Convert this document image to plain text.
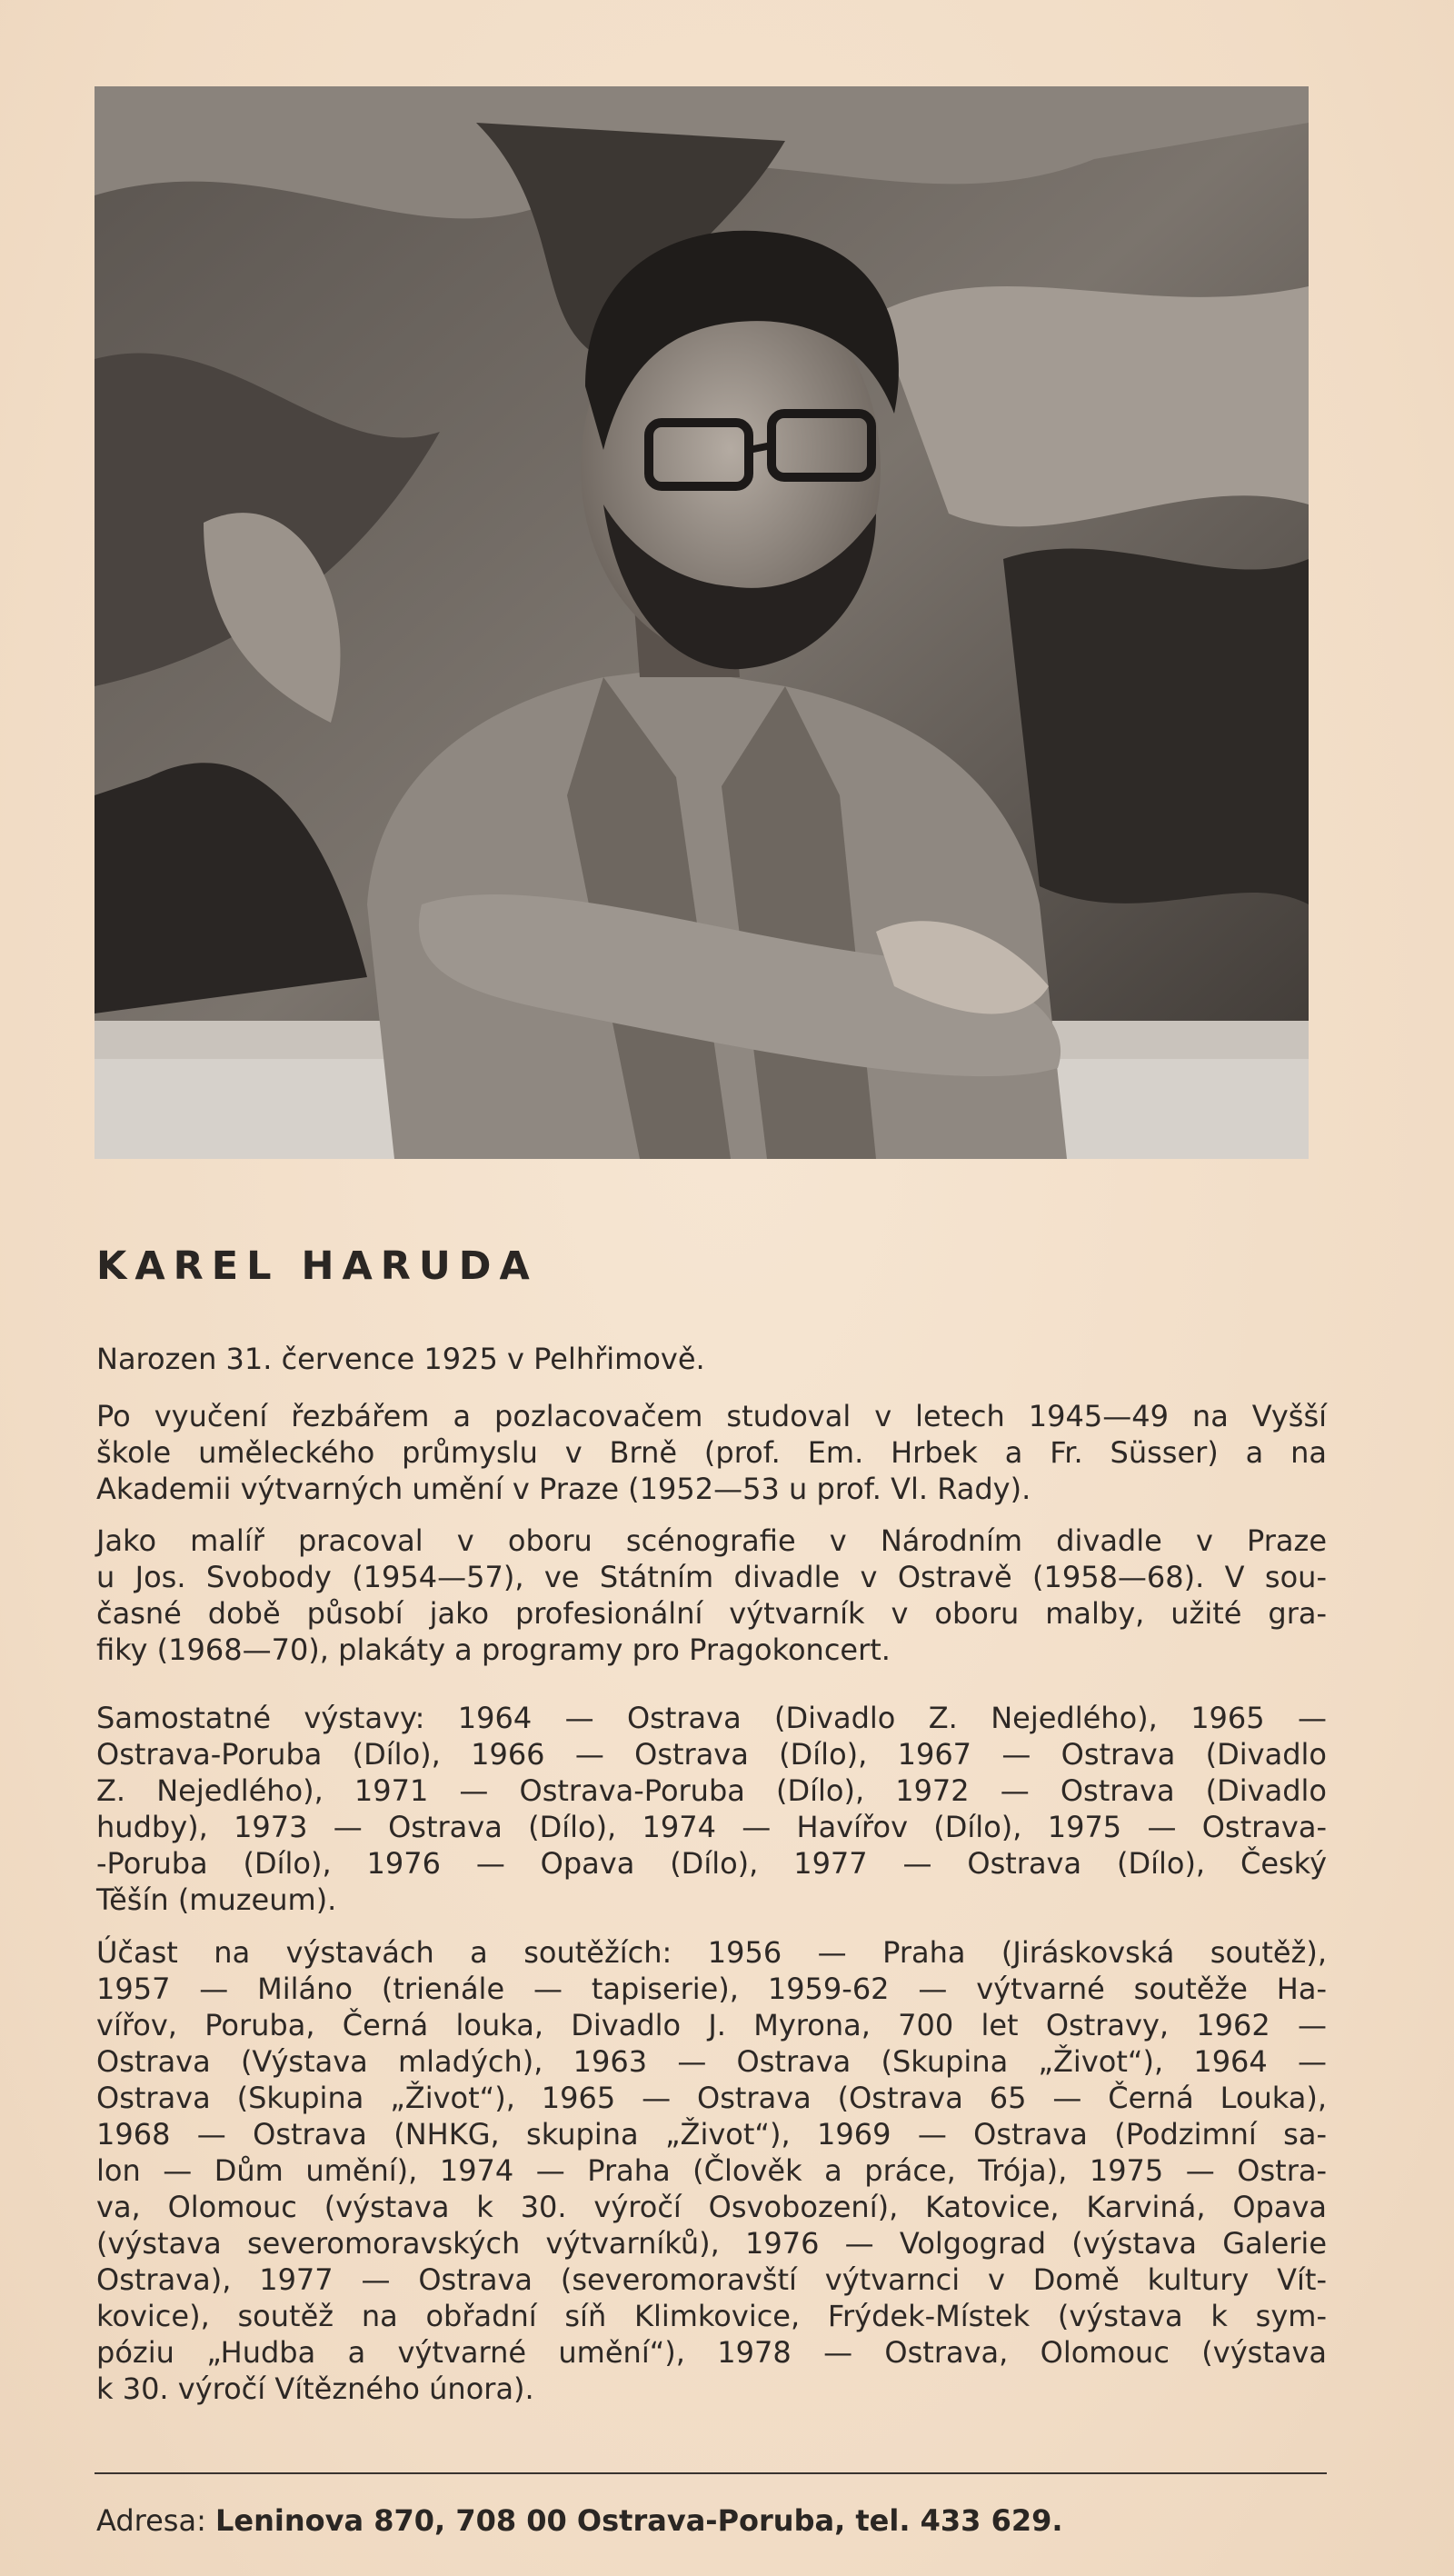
KAREL HARUDA
Narozen 31. července 1925 v Pelhřimově.
Po vyučení řezbářem a pozlacovačem studoval v letech 1945—49 na Vyšší
škole uměleckého průmyslu v Brně (prof. Em. Hrbek a Fr. Süsser) a na
Akademii výtvarných umění v Praze (1952—53 u prof. Vl. Rady).
Jako malíř pracoval v oboru scénografie v Národním divadle v Praze
u Jos. Svobody (1954—57), ve Státním divadle v Ostravě (1958—68). V sou-
časné době působí jako profesionální výtvarník v oboru malby, užité gra-
fiky (1968—70), plakáty a programy pro Pragokoncert.
Samostatné výstavy: 1964 — Ostrava (Divadlo Z. Nejedlého), 1965 —
Ostrava-Poruba (Dílo), 1966 — Ostrava (Dílo), 1967 — Ostrava (Divadlo
Z. Nejedlého), 1971 — Ostrava-Poruba (Dílo), 1972 — Ostrava (Divadlo
hudby), 1973 — Ostrava (Dílo), 1974 — Havířov (Dílo), 1975 — Ostrava-
-Poruba (Dílo), 1976 — Opava (Dílo), 1977 — Ostrava (Dílo), Český
Těšín (muzeum).
Účast na výstavách a soutěžích: 1956 — Praha (Jiráskovská soutěž),
1957 — Miláno (trienále — tapiserie), 1959-62 — výtvarné soutěže Ha-
vířov, Poruba, Černá louka, Divadlo J. Myrona, 700 let Ostravy, 1962 —
Ostrava (Výstava mladých), 1963 — Ostrava (Skupina „Život“), 1964 —
Ostrava (Skupina „Život“), 1965 — Ostrava (Ostrava 65 — Černá Louka),
1968 — Ostrava (NHKG, skupina „Život“), 1969 — Ostrava (Podzimní sa-
lon — Dům umění), 1974 — Praha (Člověk a práce, Trója), 1975 — Ostra-
va, Olomouc (výstava k 30. výročí Osvobození), Katovice, Karviná, Opava
(výstava severomoravských výtvarníků), 1976 — Volgograd (výstava Galerie
Ostrava), 1977 — Ostrava (severomoravští výtvarnci v Domě kultury Vít-
kovice), soutěž na obřadní síň Klimkovice, Frýdek-Místek (výstava k sym-
póziu „Hudba a výtvarné umění“), 1978 — Ostrava, Olomouc (výstava
k 30. výročí Vítězného února).
Adresa: Leninova 870, 708 00 Ostrava-Poruba, tel. 433 629.
